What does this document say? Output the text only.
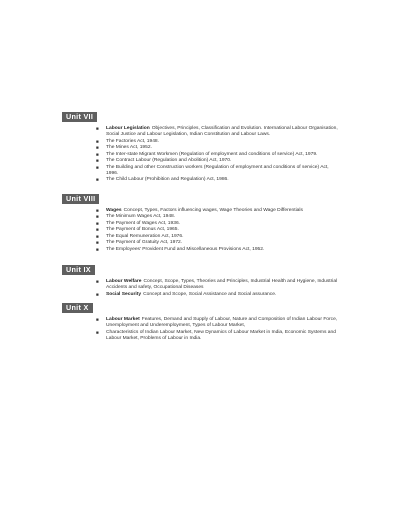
Unit VII
■ Labour Legislation Objectives, Principles, Classification and Evolution. International Labour Organisation, Social Justice and Labour Legislation, Indian Constitution and Labour Laws.
■ The Factories Act, 1948.
■ The Mines Act, 1952.
■ The Inter-state Migrant Workmen (Regulation of employment and conditions of service) Act, 1979.
■ The Contract Labour (Regulation and Abolition) Act, 1970.
■ The Building and other Construction workers (Regulation of employment and conditions of service) Act, 1996.
■ The Child Labour (Prohibition and Regulation) Act, 1986.
Unit VIII
■ Wages Concept, Types, Factors influencing wages, Wage Theories and Wage Differentials
■ The Minimum Wages Act, 1948.
■ The Payment of Wages Act, 1936.
■ The Payment of Bonus Act, 1965.
■ The Equal Remuneration Act, 1976.
■ The Payment of Gratuity Act, 1972.
■ The Employees' Provident Fund and Miscellaneous Provisions Act, 1952.
Unit IX
■ Labour Welfare Concept, Scope, Types, Theories and Principles, Industrial Health and Hygiene, Industrial Accidents and safety, Occupational Diseases
■ Social Security Concept and Scope, Social Assistance and Social assurance.
Unit X
■ Labour Market Features, Demand and Supply of Labour, Nature and Composition of Indian Labour Force, Unemployment and Underemployment, Types of Labour Market,
■ Characteristics of Indian Labour Market, New Dynamics of Labour Market in India, Economic Systems and Labour Market, Problems of Labour in India.
